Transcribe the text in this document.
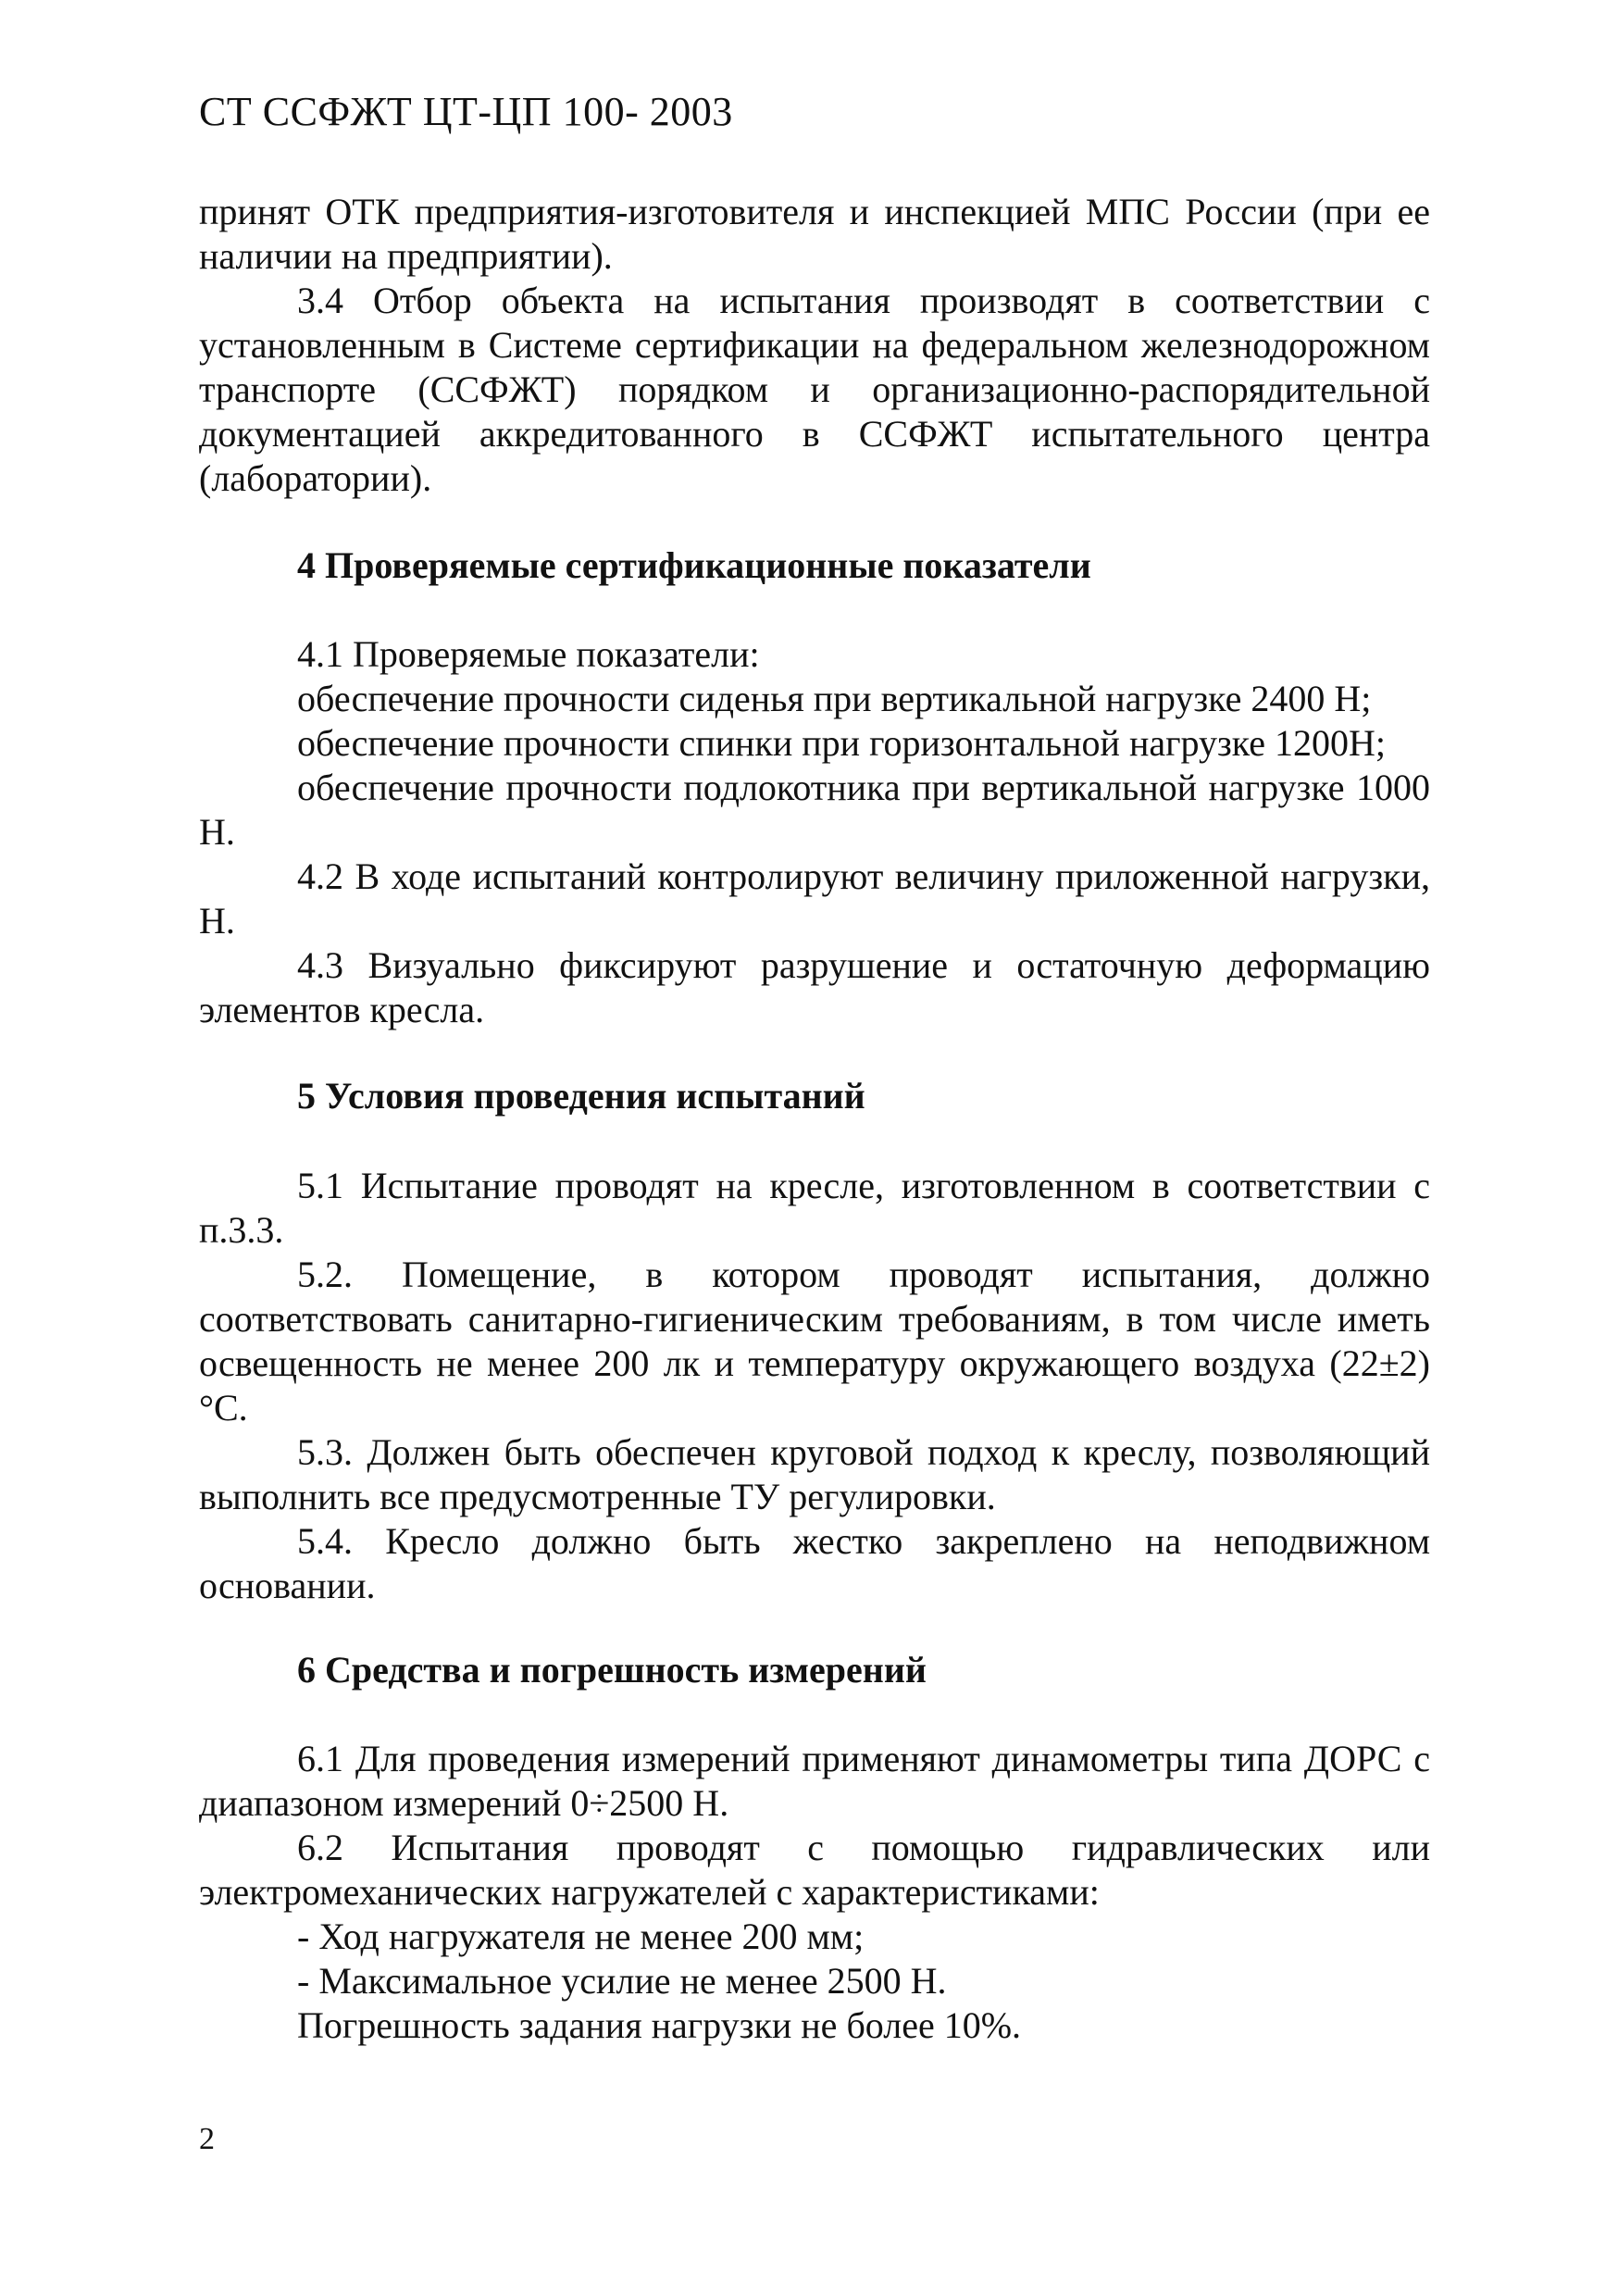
СТ ССФЖТ ЦТ-ЦП 100- 2003

принят ОТК предприятия-изготовителя и инспекцией МПС России (при ее наличии на предприятии).

3.4 Отбор объекта на испытания производят в соответствии с установленным в Системе сертификации на федеральном железнодорожном транспорте (ССФЖТ) порядком и организационно-распорядительной документацией аккредитованного в ССФЖТ испытательного центра (лаборатории).

4 Проверяемые сертификационные показатели

4.1 Проверяемые показатели:

обеспечение прочности сиденья при вертикальной нагрузке 2400 Н;

обеспечение прочности спинки при горизонтальной нагрузке 1200Н;

обеспечение прочности подлокотника при вертикальной нагрузке 1000 Н.

4.2 В ходе испытаний контролируют величину приложенной нагрузки, Н.

4.3 Визуально фиксируют разрушение и остаточную деформацию элементов кресла.

5 Условия проведения испытаний

5.1 Испытание проводят на кресле, изготовленном в соответствии с п.3.3.

5.2. Помещение, в котором проводят испытания, должно соответствовать санитарно-гигиеническим требованиям, в том числе иметь освещенность не менее 200 лк и температуру окружающего воздуха (22±2)°С.

5.3. Должен быть обеспечен круговой подход к креслу, позволяющий выполнить все предусмотренные ТУ регулировки.

5.4. Кресло должно быть жестко закреплено на неподвижном основании.

6 Средства и погрешность измерений

6.1 Для проведения измерений применяют динамометры типа ДОРС с диапазоном измерений 0÷2500 Н.

6.2 Испытания проводят с помощью гидравлических или электромеханических нагружателей с характеристиками:

- Ход нагружателя не менее 200 мм;

- Максимальное усилие не менее 2500 Н.

Погрешность задания нагрузки не более 10%.

2
